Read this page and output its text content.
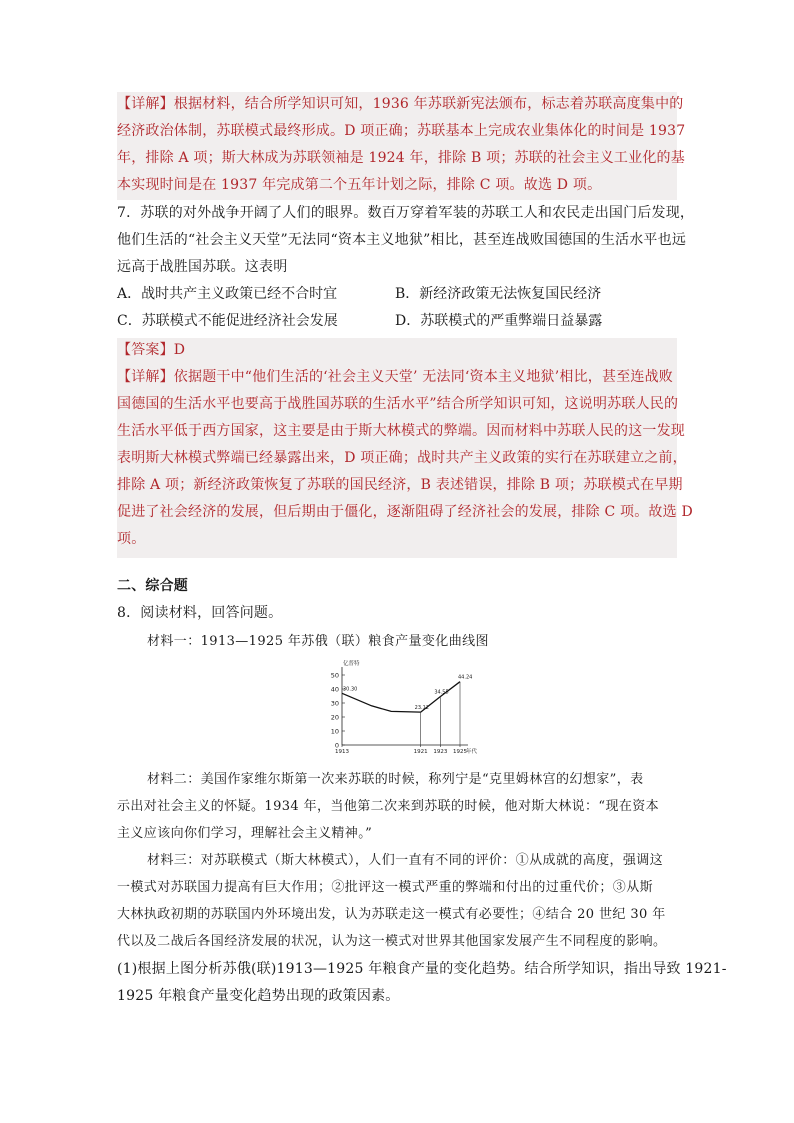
【详解】根据材料，结合所学知识可知，1936 年苏联新宪法颁布，标志着苏联高度集中的
经济政治体制，苏联模式最终形成。D 项正确；苏联基本上完成农业集体化的时间是 1937
年，排除 A 项；斯大林成为苏联领袖是 1924 年，排除 B 项；苏联的社会主义工业化的基
本实现时间是在 1937 年完成第二个五年计划之际，排除 C 项。故选 D 项。
7．苏联的对外战争开阔了人们的眼界。数百万穿着军装的苏联工人和农民走出国门后发现，
他们生活的“社会主义天堂”无法同“资本主义地狱”相比，甚至连战败国德国的生活水平也远
远高于战胜国苏联。这表明
A．战时共产主义政策已经不合时宜	B．新经济政策无法恢复国民经济
C．苏联模式不能促进经济社会发展	D．苏联模式的严重弊端日益暴露
【答案】D
【详解】依据题干中“他们生活的‘社会主义天堂’ 无法同‘资本主义地狱’相比，甚至连战败
国德国的生活水平也要高于战胜国苏联的生活水平”结合所学知识可知，这说明苏联人民的
生活水平低于西方国家，这主要是由于斯大林模式的弊端。因而材料中苏联人民的这一发现
表明斯大林模式弊端已经暴露出来，D 项正确；战时共产主义政策的实行在苏联建立之前，
排除 A 项；新经济政策恢复了苏联的国民经济，B 表述错误，排除 B 项；苏联模式在早期
促进了社会经济的发展，但后期由于僵化，逐渐阻碍了经济社会的发展，排除 C 项。故选 D
项。
二、综合题
8．阅读材料，回答问题。
材料一：1913—1925 年苏俄（联）粮食产量变化曲线图
0
10
20
30
40
50
亿普特
1913	1921 1923 1925 年代
30.30
23.12
34.55
44.24
材料二：美国作家维尔斯第一次来苏联的时候，称列宁是“克里姆林宫的幻想家”，表
示出对社会主义的怀疑。1934 年，当他第二次来到苏联的时候，他对斯大林说：“现在资本
主义应该向你们学习，理解社会主义精神。”
材料三：对苏联模式（斯大林模式），人们一直有不同的评价：①从成就的高度，强调这
一模式对苏联国力提高有巨大作用；②批评这一模式严重的弊端和付出的过重代价；③从斯
大林执政初期的苏联国内外环境出发，认为苏联走这一模式有必要性；④结合 20 世纪 30 年
代以及二战后各国经济发展的状况，认为这一模式对世界其他国家发展产生不同程度的影响。
(1)根据上图分析苏俄(联)1913—1925 年粮食产量的变化趋势。结合所学知识，指出导致 1921-
1925 年粮食产量变化趋势出现的政策因素。
